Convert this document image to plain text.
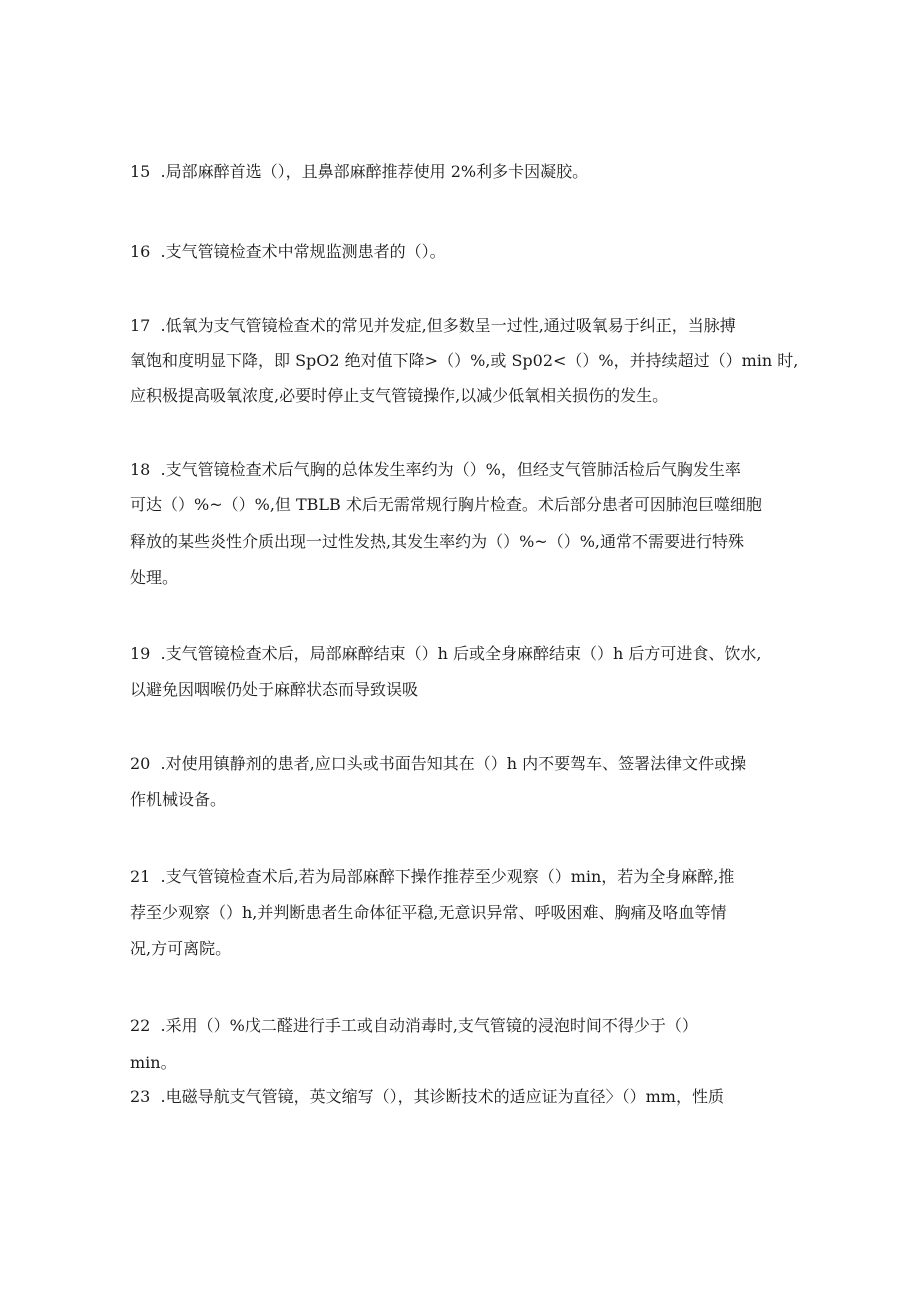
15  .局部麻醉首选（），且鼻部麻醉推荐使用 2%利多卡因凝胶。
16  .支气管镜检查术中常规监测患者的（）。
17  .低氧为支气管镜检查术的常见并发症,但多数呈一过性,通过吸氧易于纠正，当脉搏
氧饱和度明显下降，即 SpO2 绝对值下降>（）%,或 Sp02<（）%，并持续超过（）min 时,
应积极提高吸氧浓度,必要时停止支气管镜操作,以减少低氧相关损伤的发生。
18  .支气管镜检查术后气胸的总体发生率约为（）%，但经支气管肺活检后气胸发生率
可达（）%~（）%,但 TBLB 术后无需常规行胸片检查。术后部分患者可因肺泡巨噬细胞
释放的某些炎性介质出现一过性发热,其发生率约为（）%~（）%,通常不需要进行特殊
处理。
19  .支气管镜检查术后，局部麻醉结束（）h 后或全身麻醉结束（）h 后方可进食、饮水,
以避免因咽喉仍处于麻醉状态而导致误吸
20  .对使用镇静剂的患者,应口头或书面告知其在（）h 内不要驾车、签署法律文件或操
作机械设备。
21  .支气管镜检查术后,若为局部麻醉下操作推荐至少观察（）min，若为全身麻醉,推
荐至少观察（）h,并判断患者生命体征平稳,无意识异常、呼吸困难、胸痛及咯血等情
况,方可离院。
22  .采用（）%戊二醛进行手工或自动消毒时,支气管镜的浸泡时间不得少于（）
min。
23  .电磁导航支气管镜，英文缩写（），其诊断技术的适应证为直径〉（）mm，性质
